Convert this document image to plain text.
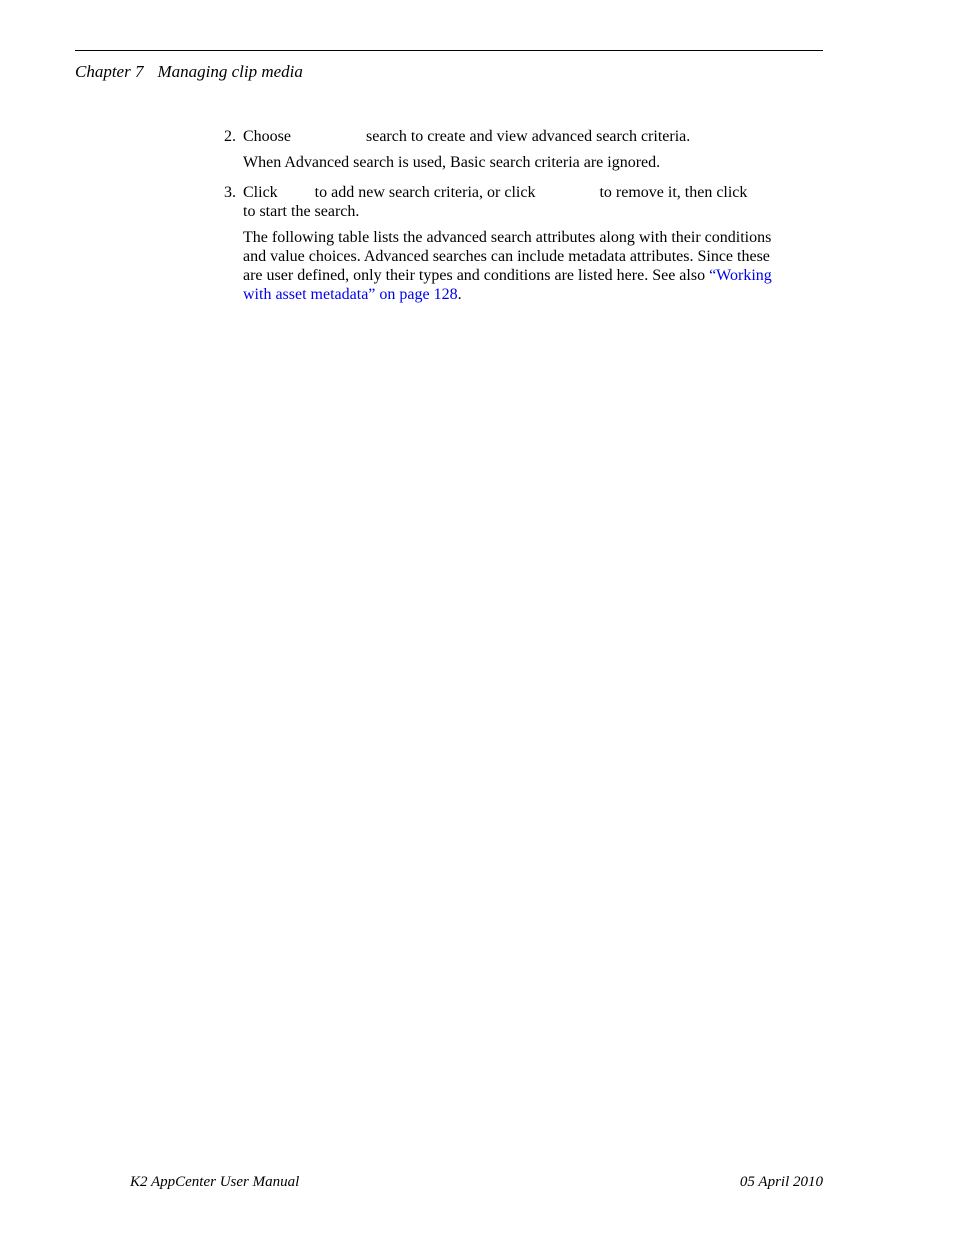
Chapter 7 Managing clip media
2. Choose	search to create and view advanced search criteria.
When Advanced search is used, Basic search criteria are ignored.
3. Click to add new search criteria, or click	to remove it, then click
to start the search.
The following table lists the advanced search attributes along with their conditions
and value choices. Advanced searches can include metadata attributes. Since these
are user defined, only their types and conditions are listed here. See also “Working
with asset metadata” on page 128.
K2 AppCenter User Manual	05 April 2010
